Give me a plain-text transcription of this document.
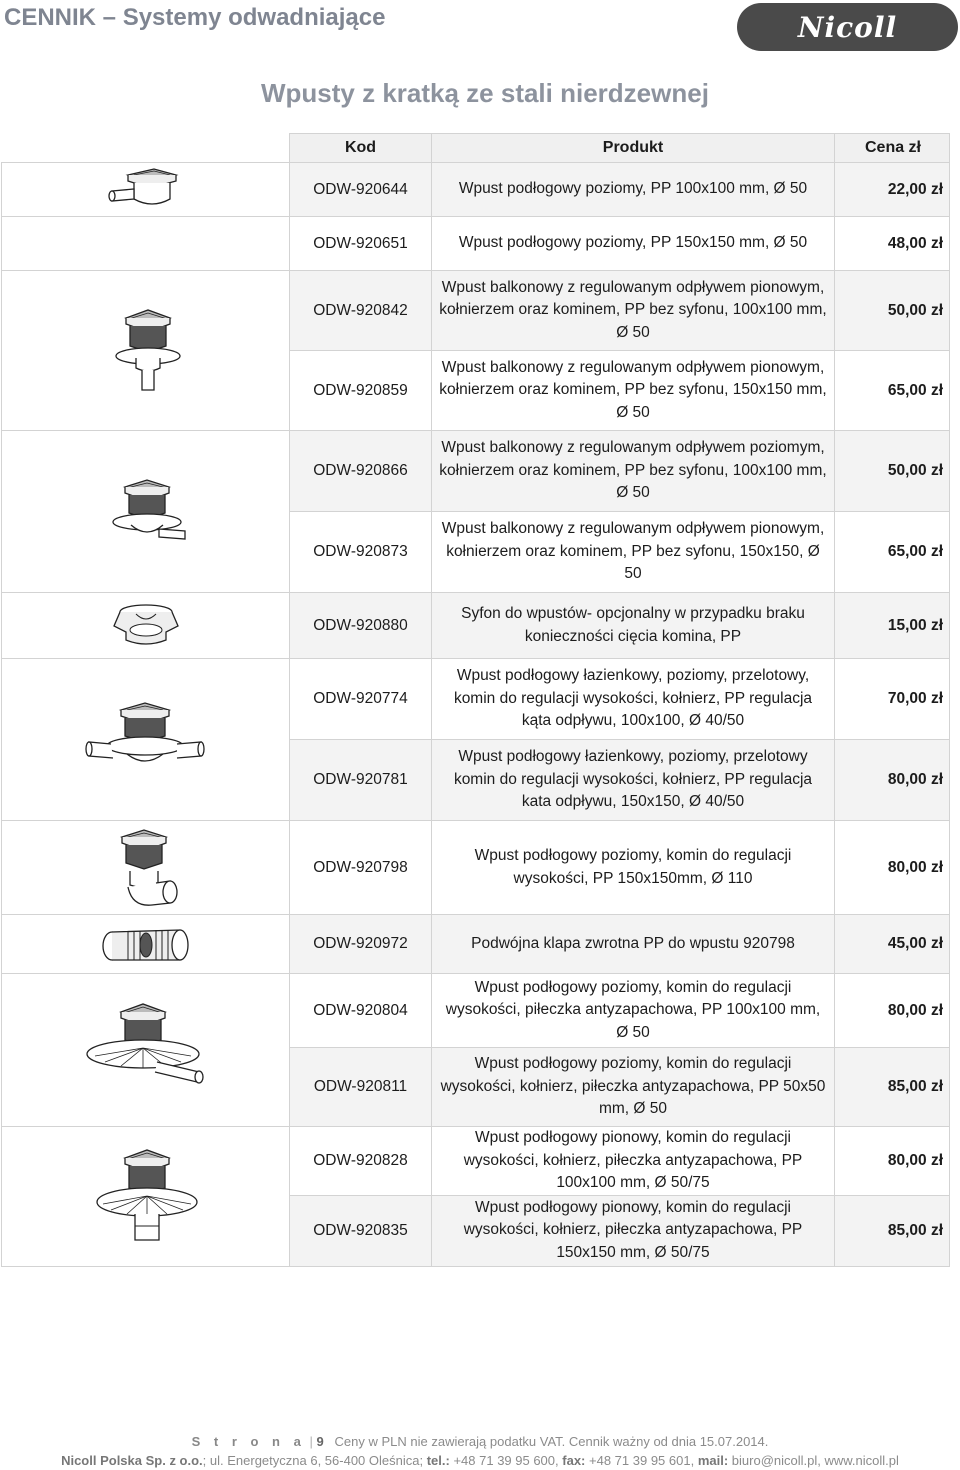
CENNIK – Systemy odwadniające	Nicoll
Wpusty z kratką ze stali nierdzewnej
	Kod	Produkt	Cena zł

	ODW-920644	Wpust podłogowy poziomy, PP 100x100 mm, Ø 50	22,00 zł
	ODW-920651	Wpust podłogowy poziomy, PP 150x150 mm, Ø 50	48,00 zł

	ODW-920842	Wpust balkonowy z regulowanym odpływem pionowym, kołnierzem oraz kominem, PP bez syfonu, 100x100 mm, Ø 50	50,00 zł
	ODW-920859	Wpust balkonowy z regulowanym odpływem pionowym, kołnierzem oraz kominem, PP bez syfonu, 150x150 mm, Ø 50	65,00 zł

	ODW-920866	Wpust balkonowy z regulowanym odpływem poziomym, kołnierzem oraz kominem, PP bez syfonu, 100x100 mm, Ø 50	50,00 zł
	ODW-920873	Wpust balkonowy z regulowanym odpływem pionowym, kołnierzem oraz kominem, PP bez syfonu, 150x150, Ø 50	65,00 zł

	ODW-920880	Syfon do wpustów- opcjonalny w przypadku braku konieczności cięcia komina, PP	15,00 zł

	ODW-920774	Wpust podłogowy łazienkowy, poziomy, przelotowy, komin do regulacji wysokości, kołnierz, PP regulacja kąta odpływu, 100x100, Ø 40/50	70,00 zł
	ODW-920781	Wpust podłogowy łazienkowy, poziomy, przelotowy komin do regulacji wysokości, kołnierz, PP regulacja kata odpływu, 150x150, Ø 40/50	80,00 zł

	ODW-920798	Wpust podłogowy poziomy, komin do regulacji wysokości, PP 150x150mm, Ø 110	80,00 zł

	ODW-920972	Podwójna klapa zwrotna PP do wpustu 920798	45,00 zł

	ODW-920804	Wpust podłogowy poziomy, komin do regulacji wysokości, piłeczka antyzapachowa, PP 100x100 mm, Ø 50	80,00 zł
	ODW-920811	Wpust podłogowy poziomy, komin do regulacji wysokości, kołnierz, piłeczka antyzapachowa, PP 50x50 mm, Ø 50	85,00 zł

	ODW-920828	Wpust podłogowy pionowy, komin do regulacji wysokości, kołnierz, piłeczka antyzapachowa, PP 100x100 mm, Ø 50/75	80,00 zł
	ODW-920835	Wpust podłogowy pionowy, komin do regulacji wysokości, kołnierz, piłeczka antyzapachowa, PP 150x150 mm, Ø 50/75	85,00 zł
S t r o n a | 9 Ceny w PLN nie zawierają podatku VAT. Cennik ważny od dnia 15.07.2014.
Nicoll Polska Sp. z o.o.; ul. Energetyczna 6, 56-400 Oleśnica; tel.: +48 71 39 95 600, fax: +48 71 39 95 601, mail: biuro@nicoll.pl, www.nicoll.pl
